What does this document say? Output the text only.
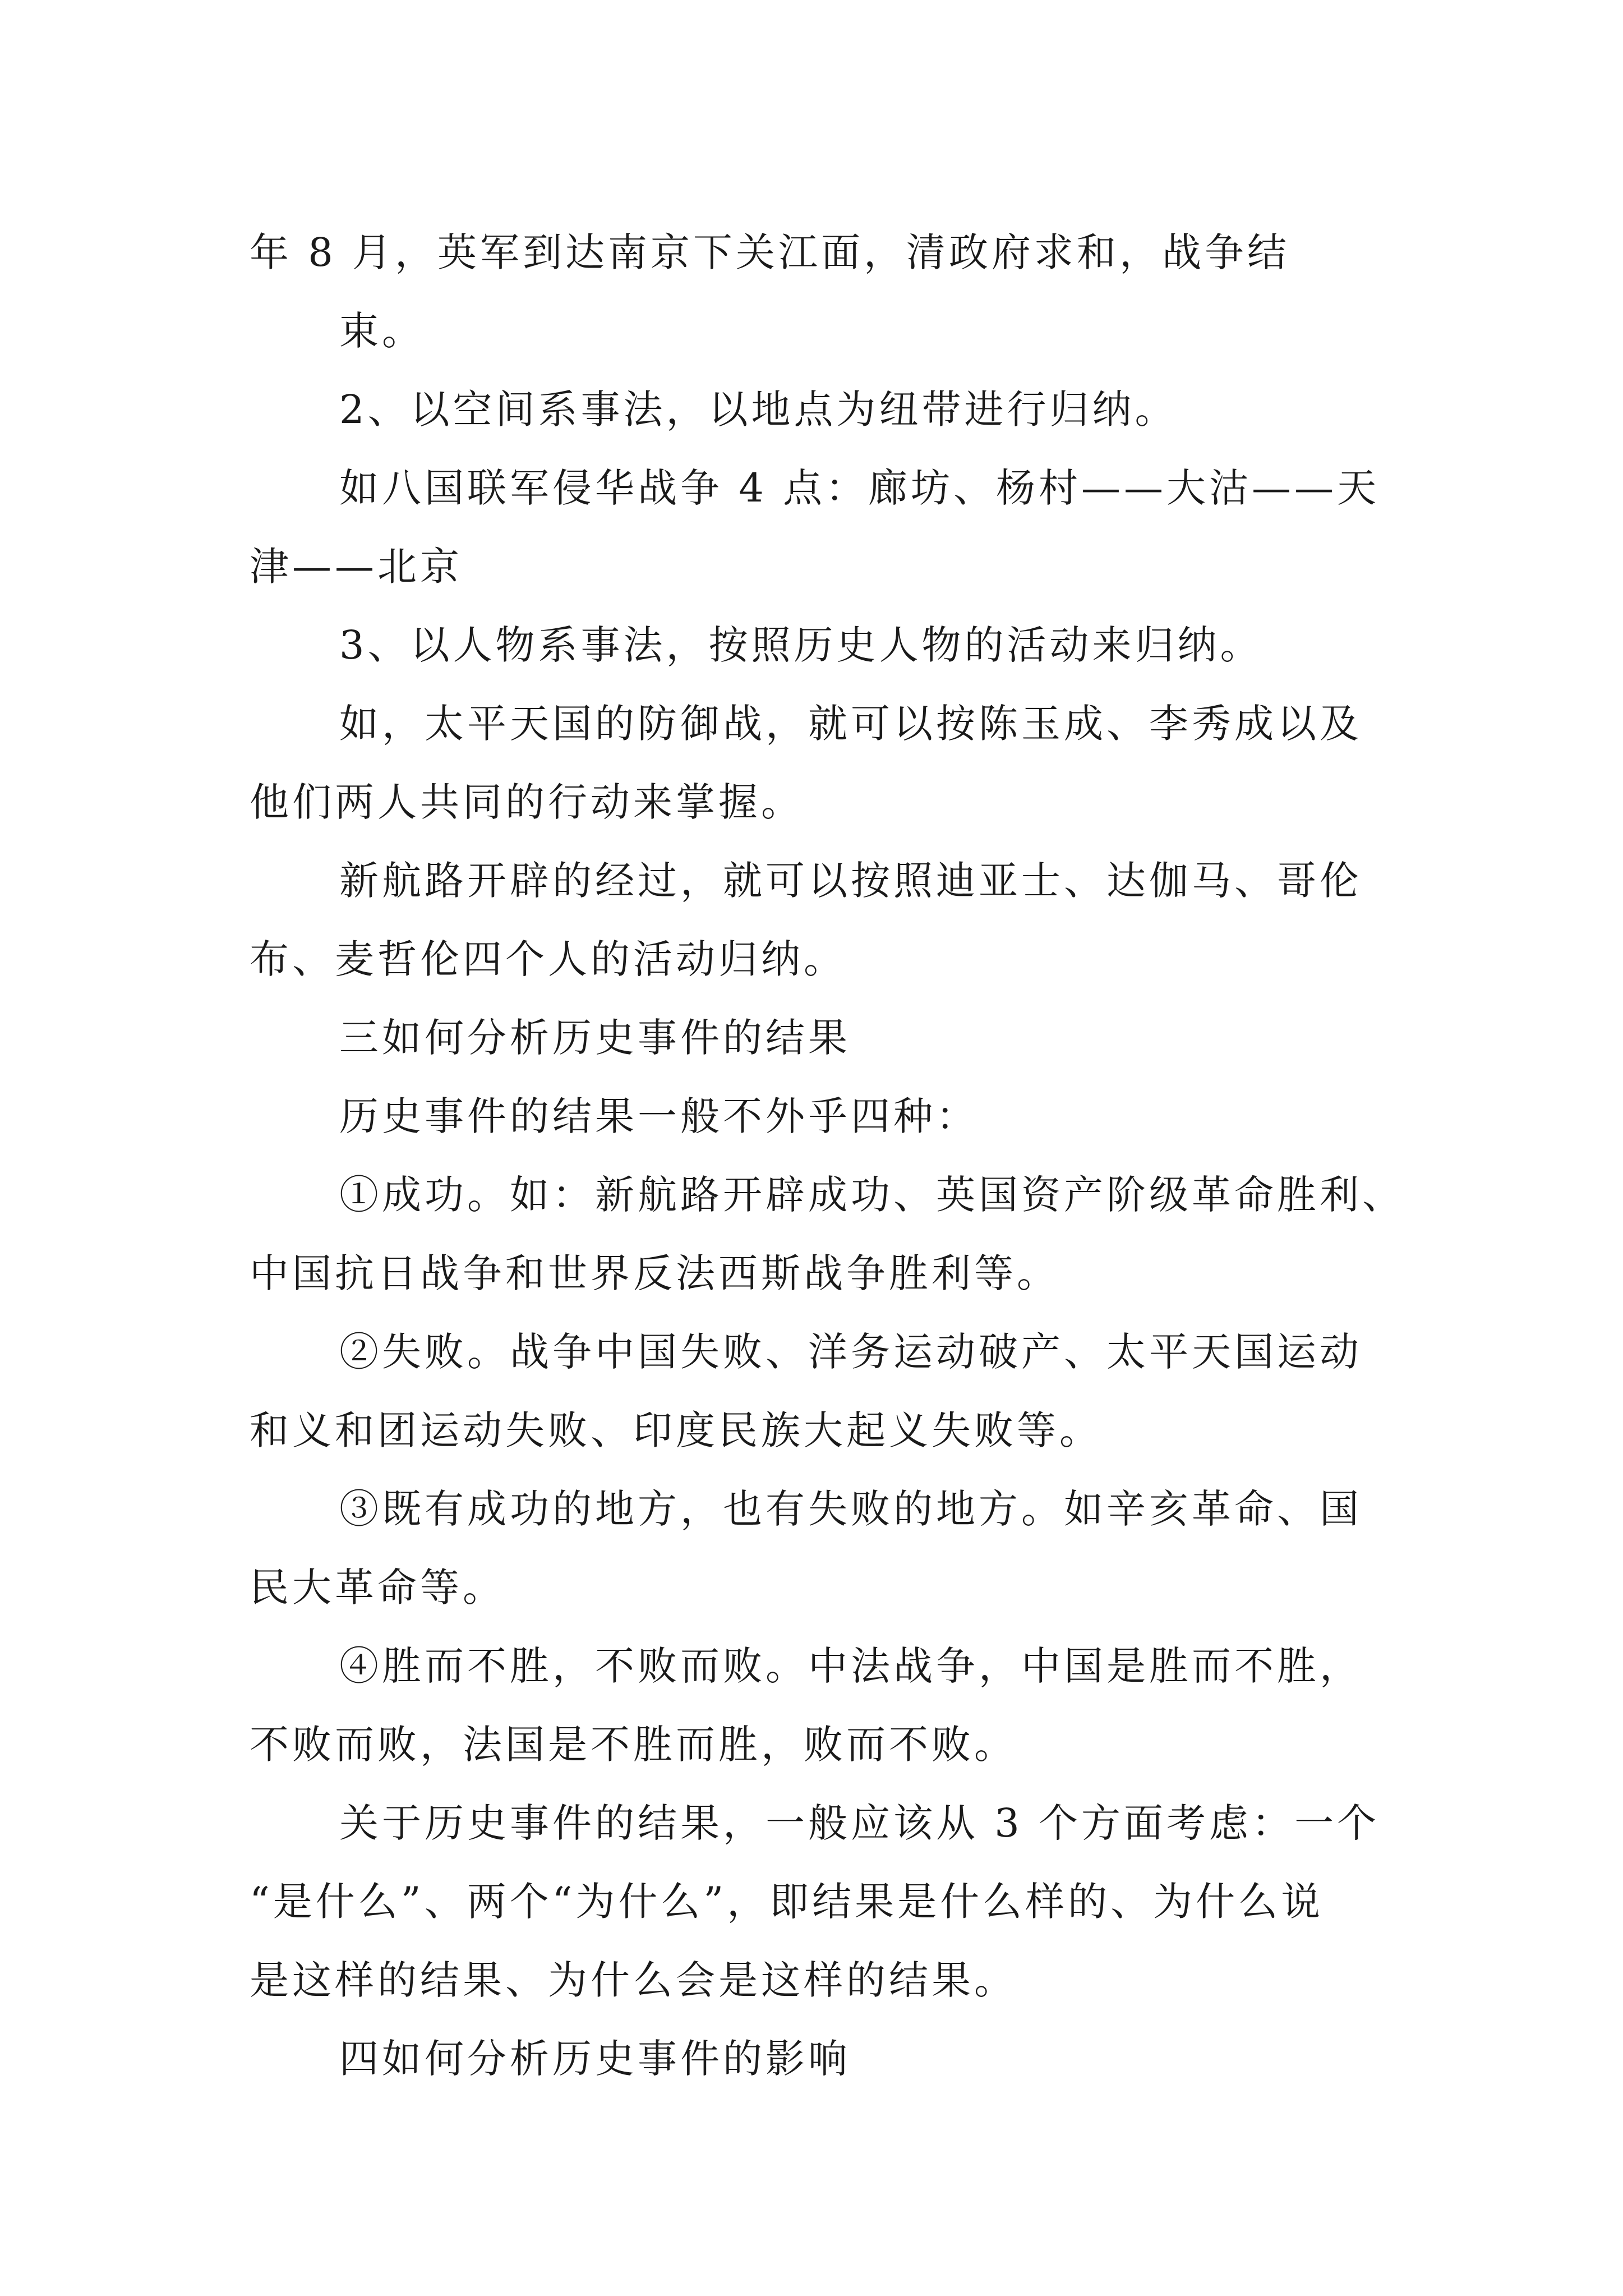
年 8 月，英军到达南京下关江面，清政府求和，战争结
束。
2、以空间系事法，以地点为纽带进行归纳。
如八国联军侵华战争 4 点：廊坊、杨村——大沽——天
津——北京
3、以人物系事法，按照历史人物的活动来归纳。
如，太平天国的防御战，就可以按陈玉成、李秀成以及
他们两人共同的行动来掌握。
新航路开辟的经过，就可以按照迪亚士、达伽马、哥伦
布、麦哲伦四个人的活动归纳。
三如何分析历史事件的结果
历史事件的结果一般不外乎四种：
①成功。如：新航路开辟成功、英国资产阶级革命胜利、
中国抗日战争和世界反法西斯战争胜利等。
②失败。战争中国失败、洋务运动破产、太平天国运动
和义和团运动失败、印度民族大起义失败等。
③既有成功的地方，也有失败的地方。如辛亥革命、国
民大革命等。
④胜而不胜，不败而败。中法战争，中国是胜而不胜，
不败而败，法国是不胜而胜，败而不败。
关于历史事件的结果，一般应该从 3 个方面考虑：一个
“是什么”、两个“为什么”，即结果是什么样的、为什么说
是这样的结果、为什么会是这样的结果。
四如何分析历史事件的影响
